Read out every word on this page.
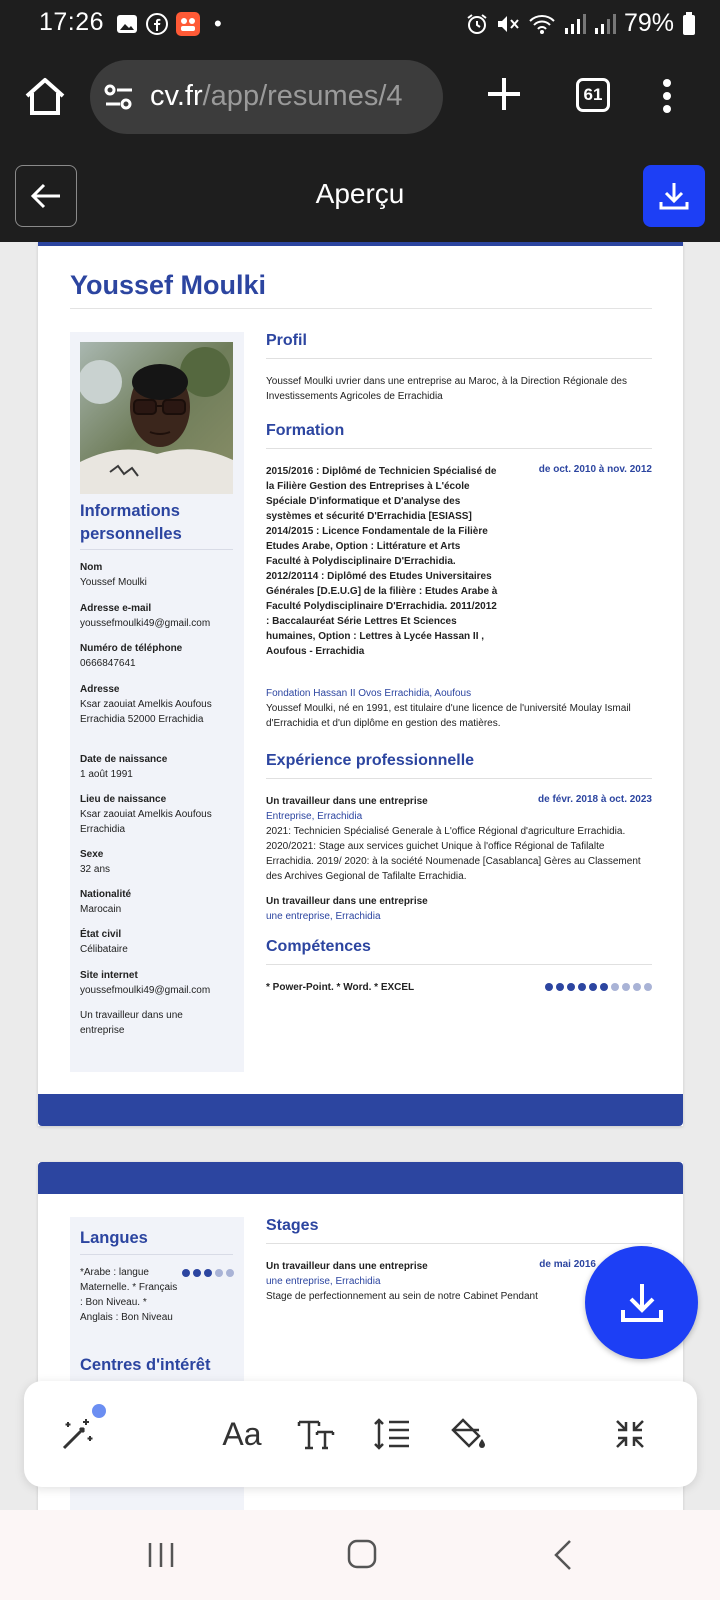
17:26	•	79%
cv.fr/app/resumes/4	61
Aperçu
Youssef Moulki
Informations personnelles
Nom
Youssef Moulki
Adresse e-mail
youssefmoulki49@gmail.com
Numéro de téléphone
0666847641
Adresse
Ksar zaouiat Amelkis Aoufous Errachidia 52000 Errachidia
Date de naissance
1 août 1991
Lieu de naissance
Ksar zaouiat Amelkis Aoufous Errachidia
Sexe
32 ans
Nationalité
Marocain
État civil
Célibataire
Site internet
youssefmoulki49@gmail.com
Un travailleur dans une entreprise
Profil
Youssef Moulki uvrier dans une entreprise au Maroc, à la Direction Régionale des Investissements Agricoles de Errachidia
Formation
2015/2016 : Diplômé de Technicien Spécialisé de la Filière Gestion des Entreprises à L'école Spéciale D'informatique et D'analyse des systèmes et sécurité D'Errachidia [ESIASS] 2014/2015 : Licence Fondamentale de la Filière Etudes Arabe, Option : Littérature et Arts Faculté à Polydisciplinaire D'Errachidia. 2012/20114 : Diplômé des Etudes Universitaires Générales [D.E.U.G] de la filière : Etudes Arabe à Faculté Polydisciplinaire D'Errachidia. 2011/2012 : Baccalauréat Série Lettres Et Sciences humaines, Option : Lettres à Lycée Hassan II , Aoufous - Errachidia
de oct. 2010 à nov. 2012
Fondation Hassan II Ovos Errachidia, Aoufous
Youssef Moulki, né en 1991, est titulaire d'une licence de l'université Moulay Ismail d'Errachidia et d'un diplôme en gestion des matières.
Expérience professionnelle
Un travailleur dans une entreprise	de févr. 2018 à oct. 2023
Entreprise, Errachidia
2021: Technicien Spécialisé Generale à L'office Régional d'agriculture Errachidia. 2020/2021: Stage aux services guichet Unique à l'office Régional de Tafilalte Errachidia. 2019/ 2020: à la société Noumenade [Casablanca] Gères au Classement des Archives Gegional de Tafilalte Errachidia.
Un travailleur dans une entreprise
une entreprise, Errachidia
Compétences
* Power-Point. * Word. * EXCEL
Langues
*Arabe : langue Maternelle. * Français : Bon Niveau. * Anglais : Bon Niveau
Centres d'intérêt
Stages
Un travailleur dans une entreprise	de mai 2016
une entreprise, Errachidia
Stage de perfectionnement au sein de notre Cabinet Pendant
Aa
